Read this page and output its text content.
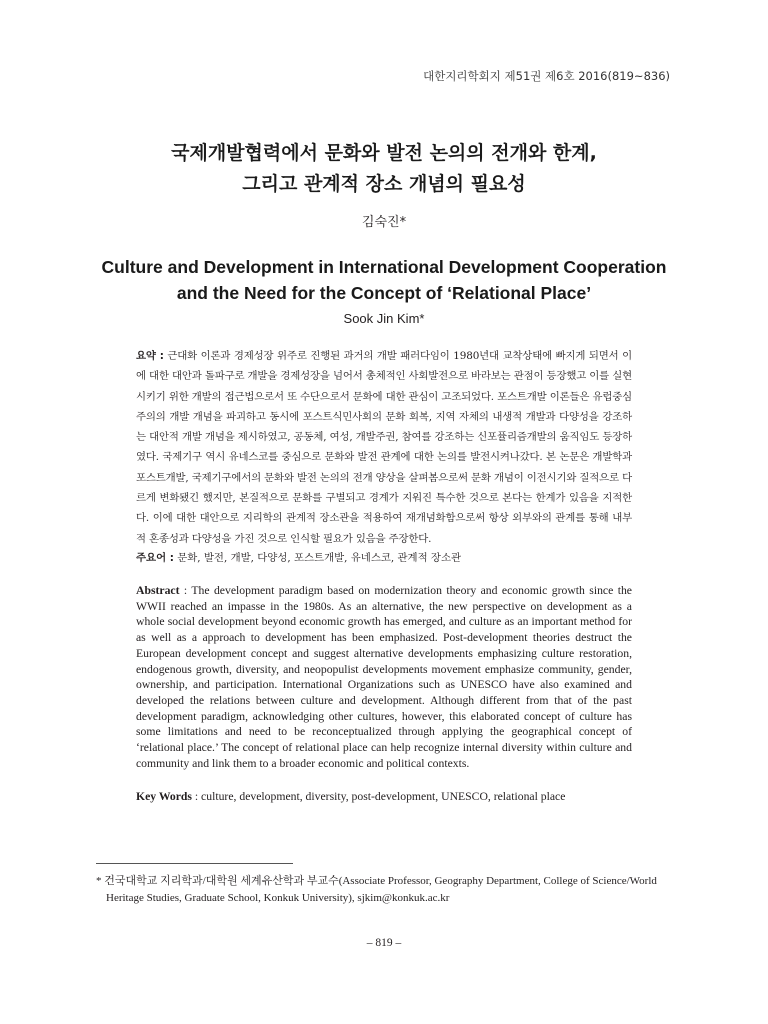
대한지리학회지 제51권 제6호 2016(819~836)
국제개발협력에서 문화와 발전 논의의 전개와 한계,
그리고 관계적 장소 개념의 필요성
김숙진*
Culture and Development in International Development Cooperation
and the Need for the Concept of ‘Relational Place’
Sook Jin Kim*
요약 : 근대화 이론과 경제성장 위주로 진행된 과거의 개발 패러다임이 1980년대 교착상태에 빠지게 되면서 이에 대한 대안과 돌파구로 개발을 경제성장을 넘어서 총체적인 사회발전으로 바라보는 관점이 등장했고 이를 실현시키기 위한 개발의 접근법으로서 또 수단으로서 문화에 대한 관심이 고조되었다. 포스트개발 이론들은 유럽중심주의의 개발 개념을 파괴하고 동시에 포스트식민사회의 문화 회복, 지역 자체의 내생적 개발과 다양성을 강조하는 대안적 개발 개념을 제시하였고, 공동체, 여성, 개발주권, 참여를 강조하는 신포퓰리즘개발의 움직임도 등장하였다. 국제기구 역시 유네스코를 중심으로 문화와 발전 관계에 대한 논의를 발전시켜나갔다. 본 논문은 개발학과 포스트개발, 국제기구에서의 문화와 발전 논의의 전개 양상을 살펴봄으로써 문화 개념이 이전시기와 질적으로 다르게 변화됐긴 했지만, 본질적으로 문화를 구별되고 경계가 지워진 특수한 것으로 본다는 한계가 있음을 지적한다. 이에 대한 대안으로 지리학의 관계적 장소관을 적용하여 재개념화함으로써 항상 외부와의 관계를 통해 내부적 혼종성과 다양성을 가진 것으로 인식할 필요가 있음을 주장한다.
주요어 : 문화, 발전, 개발, 다양성, 포스트개발, 유네스코, 관계적 장소관
Abstract : The development paradigm based on modernization theory and economic growth since the WWII reached an impasse in the 1980s. As an alternative, the new perspective on development as a whole social development beyond economic growth has emerged, and culture as an important method for as well as a approach to development has been emphasized. Post-development theories destruct the European development concept and suggest alternative developments emphasizing culture restoration, endogenous growth, diversity, and neopopulist developments movement emphasize community, gender, ownership, and participation. International Organizations such as UNESCO have also examined and developed the relations between culture and development. Although different from that of the past development paradigm, acknowledging other cultures, however, this elaborated concept of culture has some limitations and need to be reconceptualized through applying the geographical concept of ‘relational place.’ The concept of relational place can help recognize internal diversity within culture and community and link them to a broader economic and political contexts.
Key Words : culture, development, diversity, post-development, UNESCO, relational place
* 건국대학교 지리학과/대학원 세계유산학과 부교수(Associate Professor, Geography Department, College of Science/World Heritage Studies, Graduate School, Konkuk University), sjkim@konkuk.ac.kr
– 819 –
